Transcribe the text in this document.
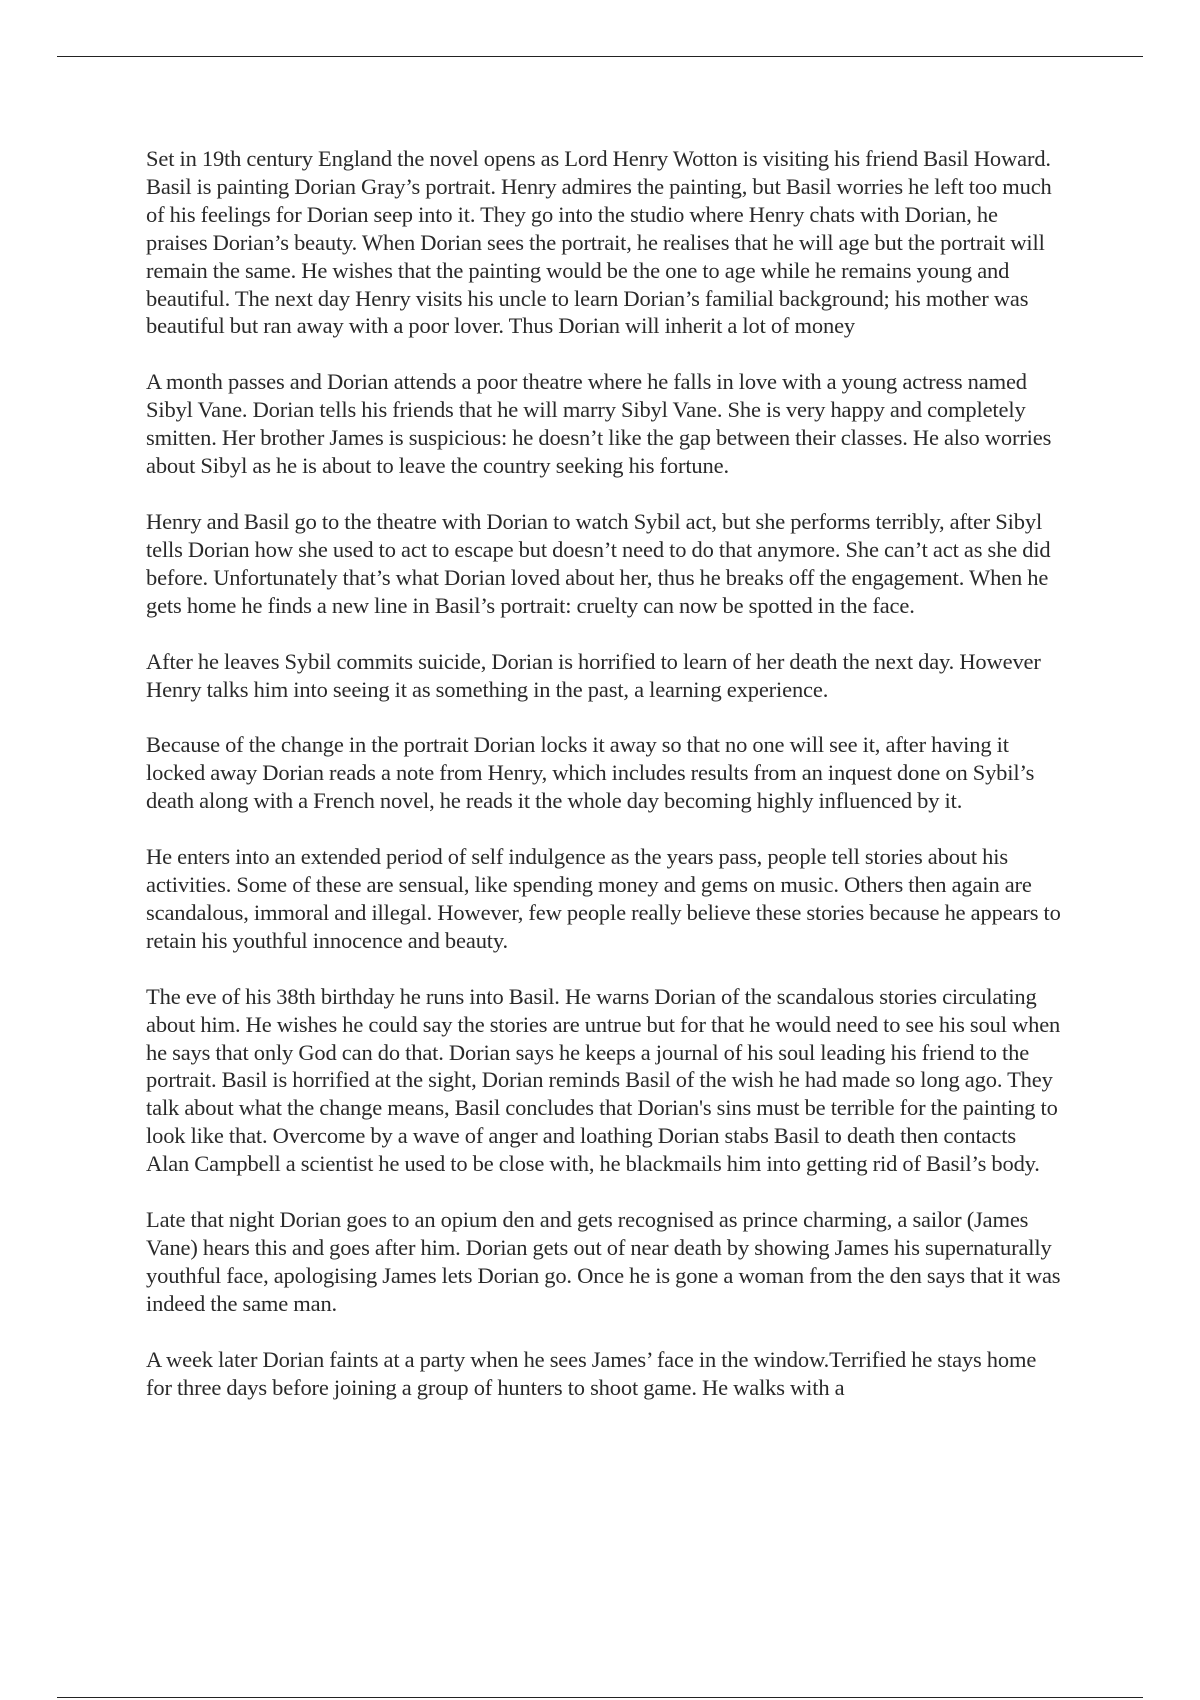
Set in 19th century England the novel opens as Lord Henry Wotton is visiting his friend Basil Howard. Basil is painting Dorian Gray’s portrait. Henry admires the painting, but Basil worries he left too much of his feelings for Dorian seep into it. They go into the studio where Henry chats with Dorian, he praises Dorian’s beauty. When Dorian sees the portrait, he realises that he will age but the portrait will remain the same. He wishes that the painting would be the one to age while he remains young and beautiful. The next day Henry visits his uncle to learn Dorian’s familial background; his mother was beautiful but ran away with a poor lover. Thus Dorian will inherit a lot of money

A month passes and Dorian attends a poor theatre where he falls in love with a young actress named Sibyl Vane. Dorian tells his friends that he will marry Sibyl Vane. She is very happy and completely smitten. Her brother James is suspicious: he doesn’t like the gap between their classes. He also worries about Sibyl as he is about to leave the country seeking his fortune.

Henry and Basil go to the theatre with Dorian to watch Sybil act, but she performs terribly, after Sibyl tells Dorian how she used to act to escape but doesn’t need to do that anymore. She can’t act as she did before. Unfortunately that’s what Dorian loved about her, thus he breaks off the engagement. When he gets home he finds a new line in Basil’s portrait: cruelty can now be spotted in the face.

After he leaves Sybil commits suicide, Dorian is horrified to learn of her death the next day. However Henry talks him into seeing it as something in the past, a learning experience.

Because of the change in the portrait Dorian locks it away so that no one will see it, after having it locked away Dorian reads a note from Henry, which includes results from an inquest done on Sybil’s death along with a French novel, he reads it the whole day becoming highly influenced by it.

He enters into an extended period of self indulgence as the years pass, people tell stories about his activities. Some of these are sensual, like spending money and gems on music. Others then again are scandalous, immoral and illegal. However, few people really believe these stories because he appears to retain his youthful innocence and beauty.

The eve of his 38th birthday he runs into Basil. He warns Dorian of the scandalous stories circulating about him. He wishes he could say the stories are untrue but for that he would need to see his soul when he says that only God can do that. Dorian says he keeps a journal of his soul leading his friend to the portrait. Basil is horrified at the sight, Dorian reminds Basil of the wish he had made so long ago. They talk about what the change means, Basil concludes that Dorian's sins must be terrible for the painting to look like that. Overcome by a wave of anger and loathing Dorian stabs Basil to death then contacts Alan Campbell a scientist he used to be close with, he blackmails him into getting rid of Basil’s body.

Late that night Dorian goes to an opium den and gets recognised as prince charming, a sailor (James Vane) hears this and goes after him. Dorian gets out of near death by showing James his supernaturally youthful face, apologising James lets Dorian go. Once he is gone a woman from the den says that it was indeed the same man.

A week later Dorian faints at a party when he sees James’ face in the window.Terrified he stays home for three days before joining a group of hunters to shoot game. He walks with a
